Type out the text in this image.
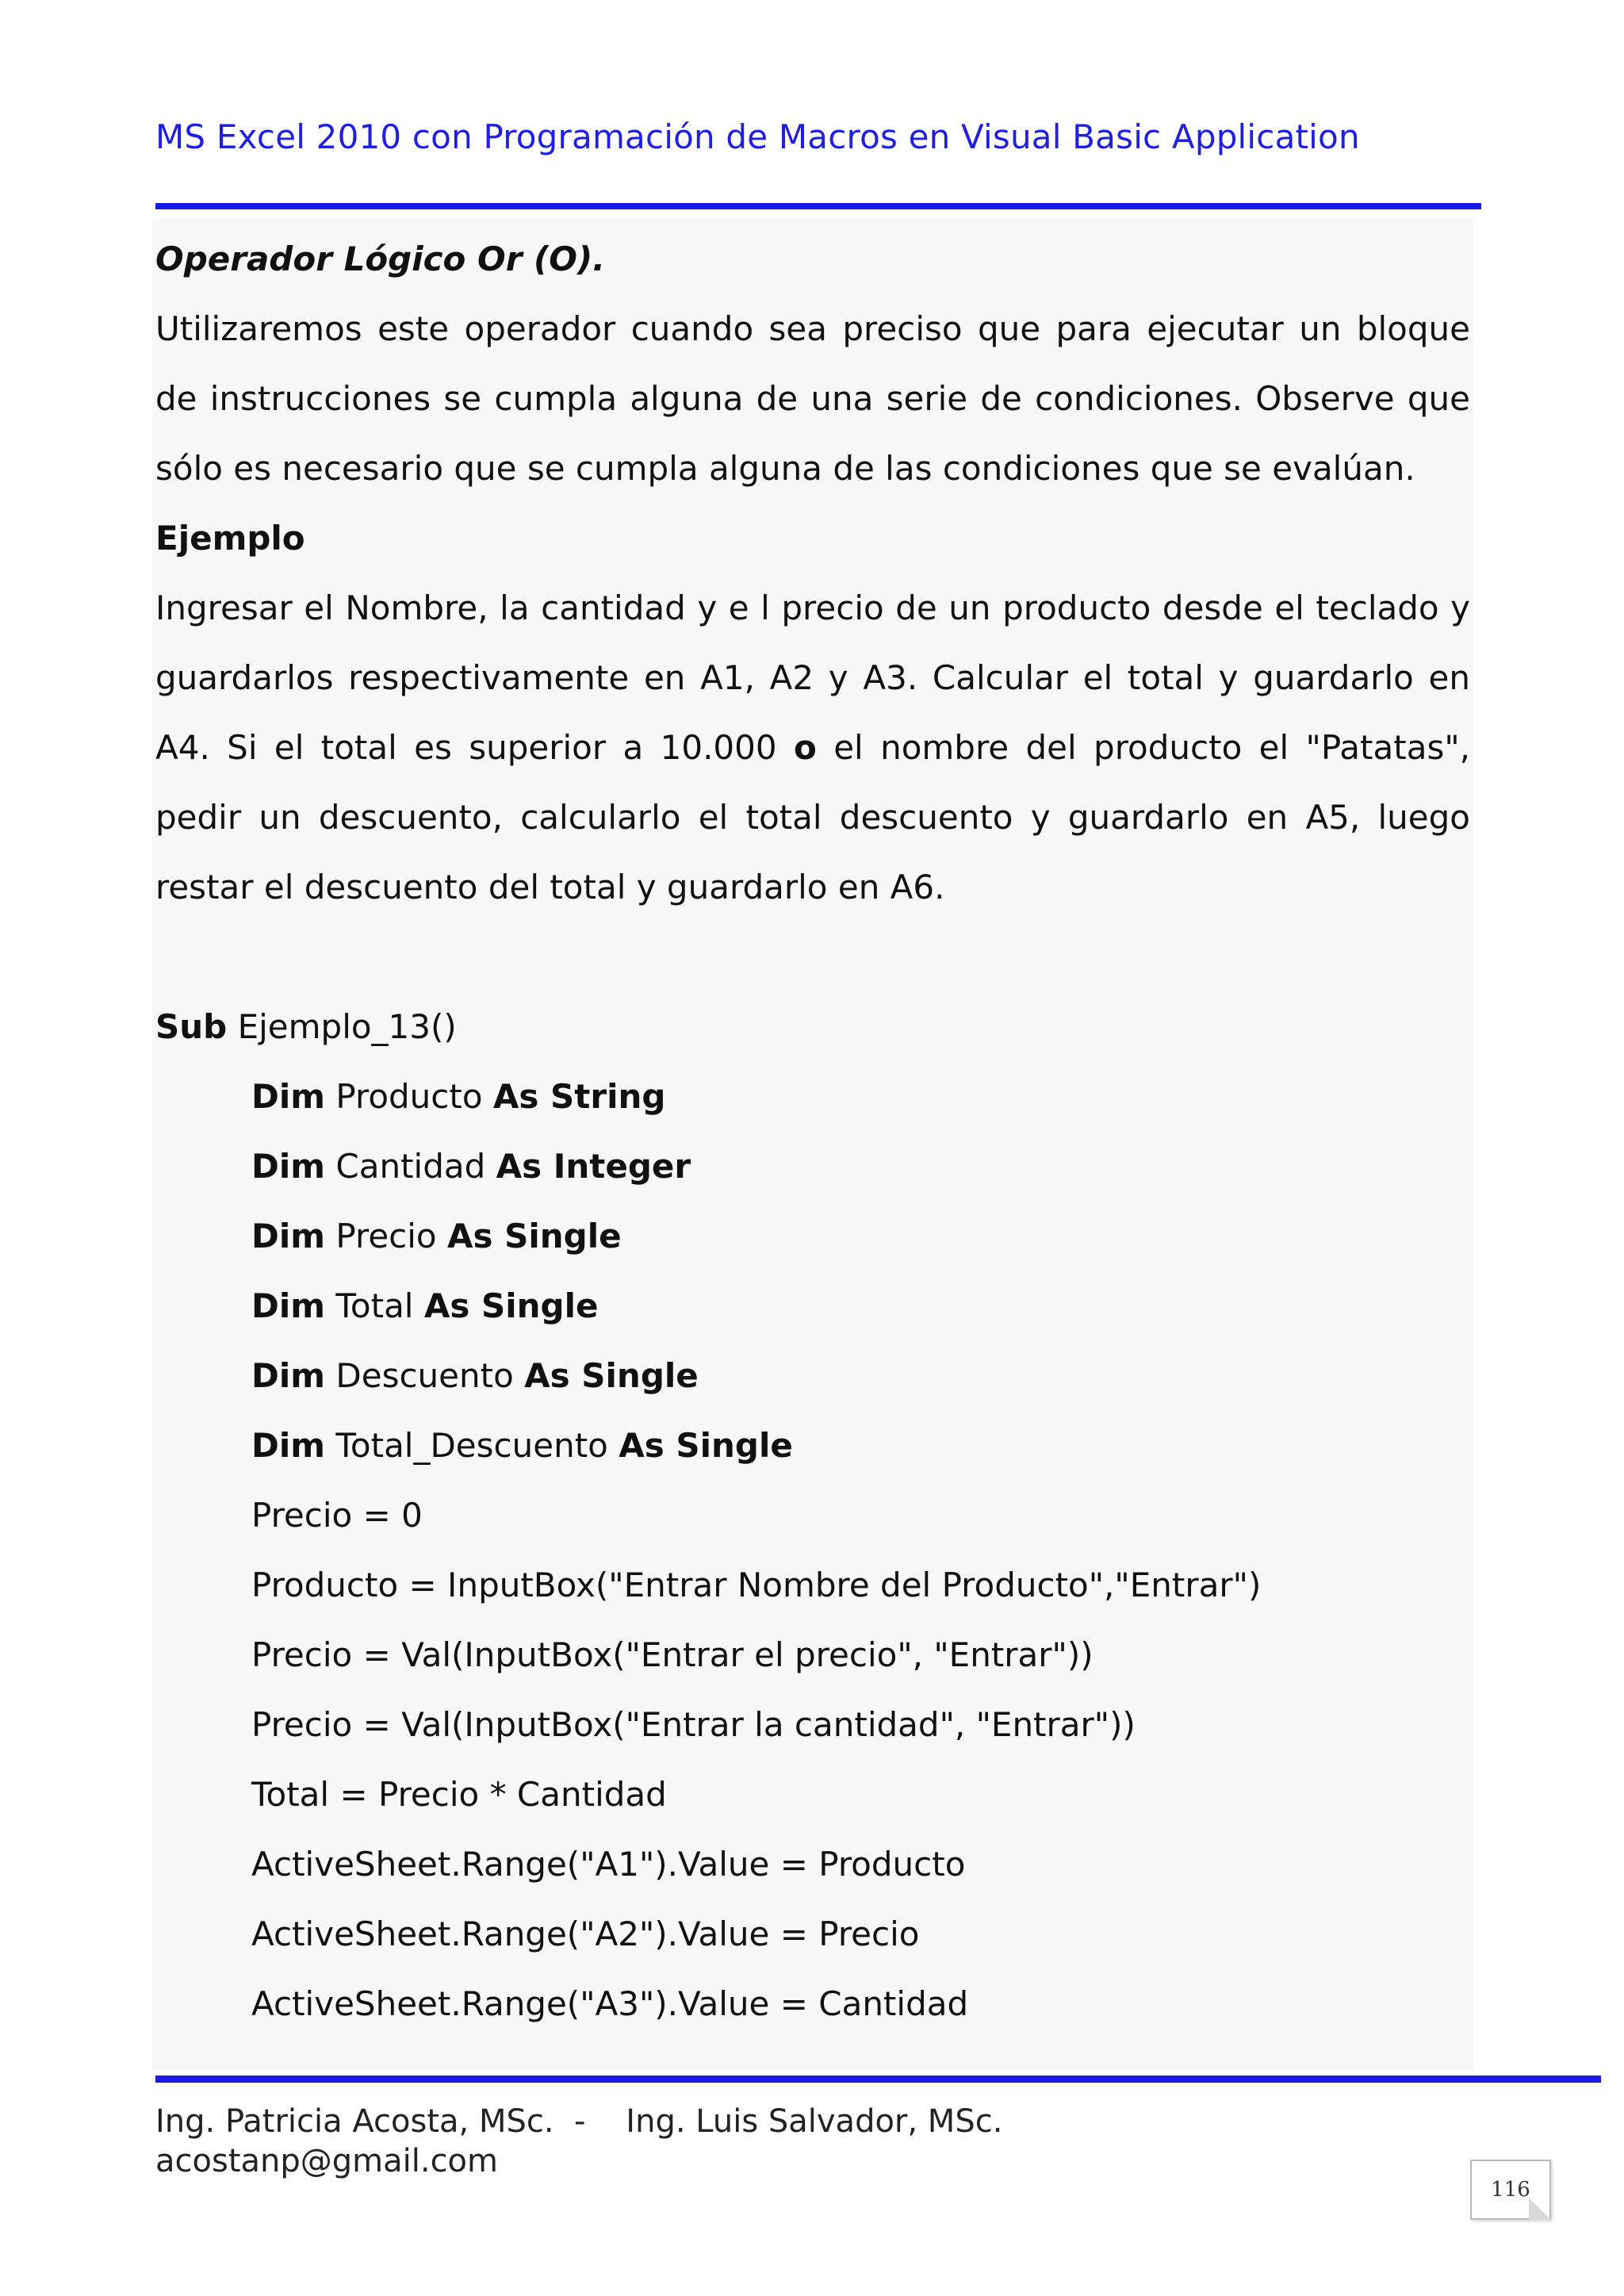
MS Excel 2010 con Programación de Macros en Visual Basic Application

Operador Lógico Or (O).

Utilizaremos este operador cuando sea preciso que para ejecutar un bloque de instrucciones se cumpla alguna de una serie de condiciones. Observe que sólo es necesario que se cumpla alguna de las condiciones que se evalúan.

Ejemplo

Ingresar el Nombre, la cantidad y e l precio de un producto desde el teclado y guardarlos respectivamente en A1, A2 y A3. Calcular el total y guardarlo en A4. Si el total es superior a 10.000 o el nombre del producto el "Patatas", pedir un descuento, calcularlo el total descuento y guardarlo en A5, luego restar el descuento del total y guardarlo en A6.

Sub Ejemplo_13()

Dim Producto As String

Dim Cantidad As Integer

Dim Precio As Single

Dim Total As Single

Dim Descuento As Single

Dim Total_Descuento As Single

Precio = 0

Producto = InputBox("Entrar Nombre del Producto","Entrar")

Precio = Val(InputBox("Entrar el precio", "Entrar"))

Precio = Val(InputBox("Entrar la cantidad", "Entrar"))

Total = Precio * Cantidad

ActiveSheet.Range("A1").Value = Producto

ActiveSheet.Range("A2").Value = Precio

ActiveSheet.Range("A3").Value = Cantidad

Ing. Patricia Acosta, MSc.  -    Ing. Luis Salvador, MSc.
acostanp@gmail.com
116
